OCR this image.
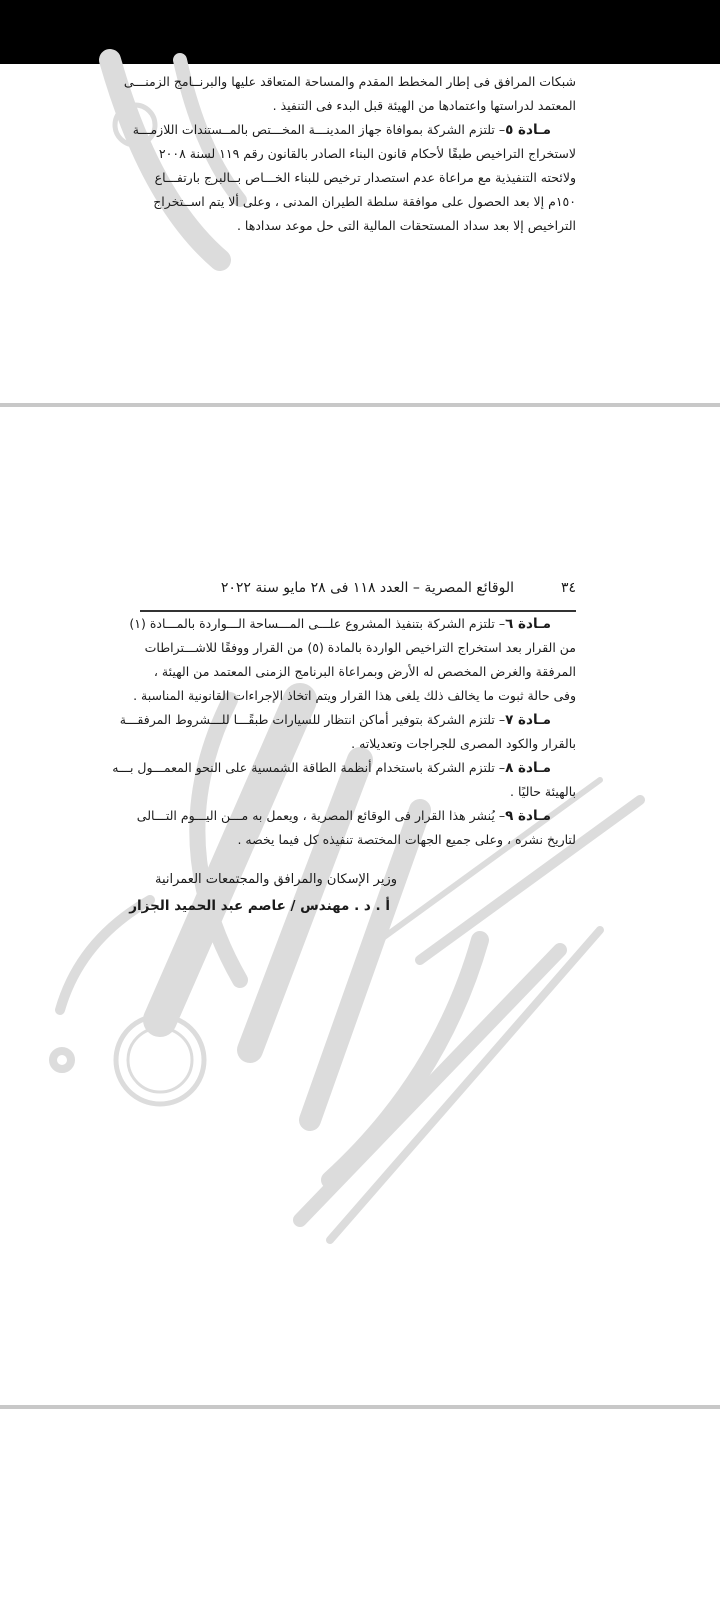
شبكات المرافق فى إطار المخطط المقدم والمساحة المتعاقد عليها والبرنــامج الزمنـــى
المعتمد لدراستها واعتمادها من الهيئة قبل البدء فى التنفيذ .
  مـادة ٥– تلتزم الشركة بموافاة جهاز المدينـــة المخـــتص بالمــستندات اللازمـــة
لاستخراج التراخيص طبقًا لأحكام قانون البناء الصادر بالقانون رقم ١١٩ لسنة ٢٠٠٨
ولائحته التنفيذية مع مراعاة عدم استصدار ترخيص للبناء الخـــاص بــالبرج بارتفـــاع
١٥٠م إلا بعد الحصول على موافقة سلطة الطيران المدنى ، وعلى ألا يتم اســتخراج
التراخيص إلا بعد سداد المستحقات المالية التى حل موعد سدادها .
٣٤
الوقائع المصرية – العدد ١١٨ فى ٢٨ مايو سنة ٢٠٢٢
  مـادة ٦– تلتزم الشركة بتنفيذ المشروع علـــى المـــساحة الـــواردة بالمـــادة (١)
من القرار بعد استخراج التراخيص الواردة بالمادة (٥) من القرار ووفقًا للاشـــتراطات
المرفقة والغرض المخصص له الأرض وبمراعاة البرنامج الزمنى المعتمد من الهيئة ،
وفى حالة ثبوت ما يخالف ذلك يلغى هذا القرار ويتم اتخاذ الإجراءات القانونية المناسبة .
  مـادة ٧– تلتزم الشركة بتوفير أماكن انتظار للسيارات طبقًـــا للـــشروط المرفقـــة
بالقرار والكود المصرى للجراجات وتعديلاته .
  مـادة ٨– تلتزم الشركة باستخدام أنظمة الطاقة الشمسية على النحو المعمـــول بـــه
بالهيئة حاليًا .
  مـادة ٩– يُنشر هذا القرار فى الوقائع المصرية ، ويعمل به مـــن اليـــوم التـــالى
لتاريخ نشره ، وعلى جميع الجهات المختصة تنفيذه كل فيما يخصه .
وزير الإسكان والمرافق والمجتمعات العمرانية
أ . د . مهندس / عاصم عبد الحميد الجزار
